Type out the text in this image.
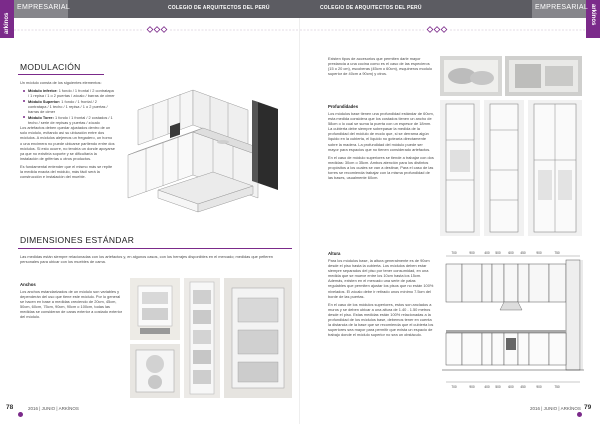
arkinos	arkinos
EMPRESARIAL	EMPRESARIAL
COLEGIO DE ARQUITECTOS DEL PERÚ	COLEGIO DE ARQUITECTOS DEL PERÚ
MODULACIÓN

Un módulo consta de los siguientes elementos:

Módulo inferior: 1 fondo / 1 frontal / 2 contratapa / 1 repisa / 1 o 2 puertas / zócalo / barras de cimer
Módulo Superior: 1 fondo / 1 frontal / 2 contratapa / 1 techo / 1 repisa / 1 o 2 puertas / barras de cimer
Módulo Torre: 1 fondo / 1 frontal / 2 costados / 1 techo / serie de repisas y puertas / zócalo

Los artefactos deben quedar ajustados dentro de un solo módulo, evitando así su ubicación entre dos módulos. A módulos alejemos un fregadero, un horno o una encimera no puede ubicarse partiendo entre dos módulos. Si esto ocurre, no tendría un donde apoyarse ya que no existiría soporte y se dificultaría la instalación de griferías u otros productos.

Es fundamental entender que el mismo más se repite la medida exacta del módulo, más fácil será la construcción e instalación del mueble.

DIMENSIONES ESTÁNDAR
Las medidas están siempre relacionadas con los artefactos y, en algunos casos, con los herrajes disponibles en el mercado; medidas que pefieren personales para ubicar con los muebles de cama.
Anchos
Los anchos estandarizados de un módulo son variables y dependerán del uso que tiene este módulo. Por lo general se hacen en base a medidas creciendo de 20cm, 45cm, 50cm, 60cm, 75cm, 90cm, 90cm o 100cm, todas las medidas se consideran de caras exterior a costado exterior del módulo.
78	2016 | JUNIO | ARKÍNOS
Existen tipos de accesorios que permiten darle mayor prestancia a una cocina como es el caso de las especieros (15 o 20 cm), escoberas (45cm o 60cm), esquineros modulo superior de 40cm a 90cm) y otros.
Profundidades

Los módulos base tienen una profundidad estándar de 60cm, esta medida considera que los costados tienen un ancho de 58cm o lo cual se suma la puerta con un espesor de 18mm. La cubierta debe siempre sobrepasar la medida de la profundidad del módulo de modo que, si se derrama algún líquido en la cubierta, el líquido no gotearía directamente sobre la madera. La profundidad del módulo puede ser mayor para espacios que no tienen considerado artefactos.

En el caso de módulo superiores se tiende a trabajar con dos medidas: 30cm o 35cm. Ambos atención para los distintos propósitos a los cuales se van a destinar, Para el caso de las torres se recomienda trabajar con la misma profundidad de las bases, usualmente 60cm.

Altura

Para los módulos base, la altura generalmente es de 90cm desde el piso hasta la cubierta. Los módulos deben estar siempre separados del piso por tener consumidad, en una medida que se mueve entre los 10cm hasta los 15cm. Además, existen en el mercado una serie de patas regulables que permiten ajustar los pisos que no están 100% nivelados. El zócalo debe ir retirado unos mínimo 7.5cm del borde de las puertas.

En el caso de los módulos superiores, estos son anclados a muros y se deben ubicar a una altura de 1.40 - 1.50 metros desde el piso. Estas medidas están 100% relacionadas a la profundidad de los módulos base, debemos tener en cuenta la distancia de la base que se recomienda que el cubierta los superiores sea mayor para permitir que exista un espacio de trabajo donde el módulo superior no sea un obstáculo.

700	900	400 500 600 450	900	750
700	900	400 500 600 450	900	750
2016 | JUNIO | ARKÍNOS 79
